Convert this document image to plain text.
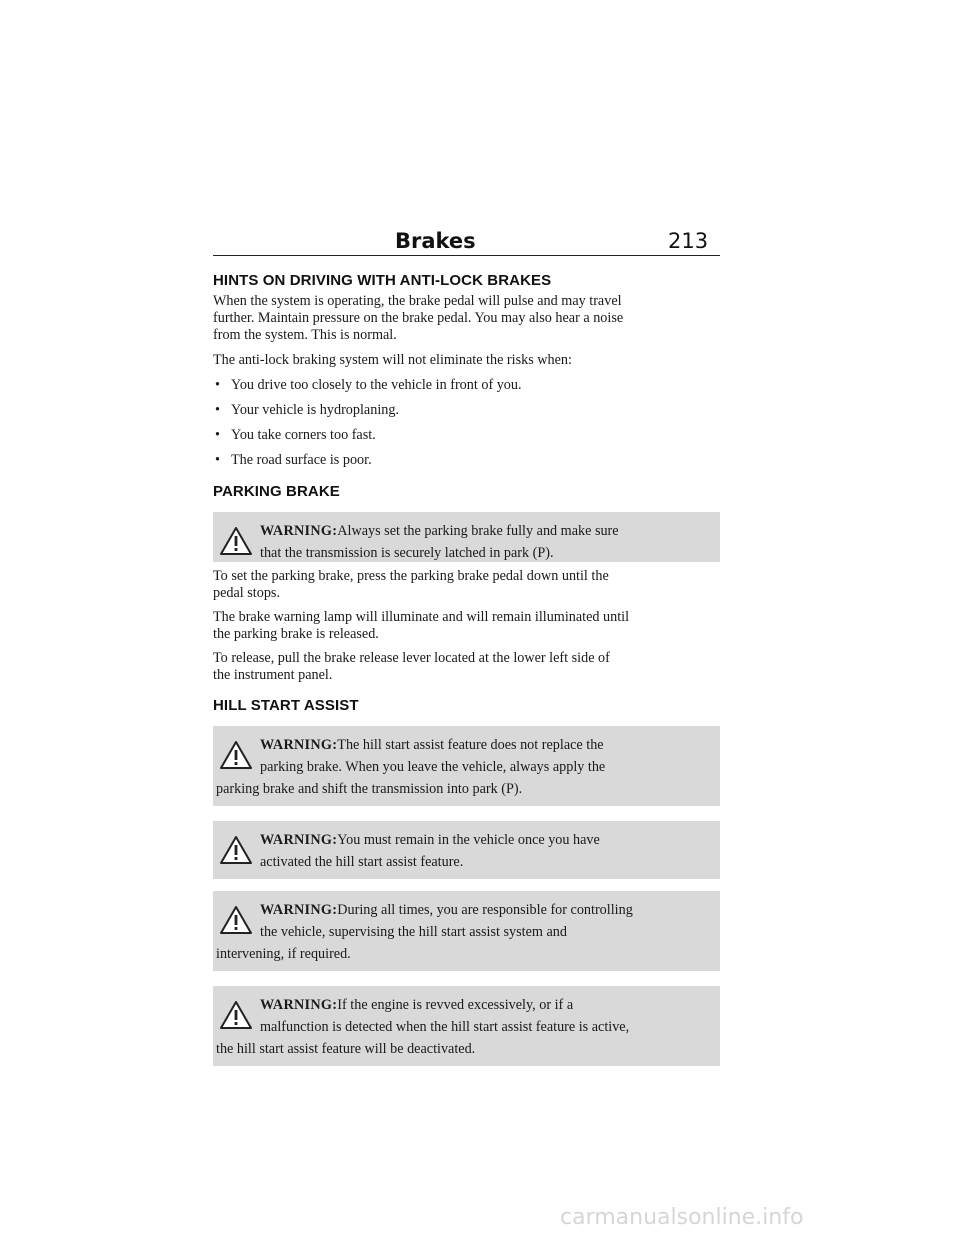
Brakes	213
HINTS ON DRIVING WITH ANTI-LOCK BRAKES

When the system is operating, the brake pedal will pulse and may travel

further. Maintain pressure on the brake pedal. You may also hear a noise

from the system. This is normal.

The anti-lock braking system will not eliminate the risks when:

• You drive too closely to the vehicle in front of you.
• Your vehicle is hydroplaning.
• You take corners too fast.
• The road surface is poor.
PARKING BRAKE
WARNING:Always set the parking brake fully and make sure
that the transmission is securely latched in park (P).

To set the parking brake, press the parking brake pedal down until the

pedal stops.

The brake warning lamp will illuminate and will remain illuminated until

the parking brake is released.

To release, pull the brake release lever located at the lower left side of

the instrument panel.

HILL START ASSIST
WARNING:The hill start assist feature does not replace the
parking brake. When you leave the vehicle, always apply the
parking brake and shift the transmission into park (P).
WARNING:You must remain in the vehicle once you have
activated the hill start assist feature.
WARNING:During all times, you are responsible for controlling
the vehicle, supervising the hill start assist system and
intervening, if required.
WARNING:If the engine is revved excessively, or if a
malfunction is detected when the hill start assist feature is active,
the hill start assist feature will be deactivated.
carmanualsonline.info
